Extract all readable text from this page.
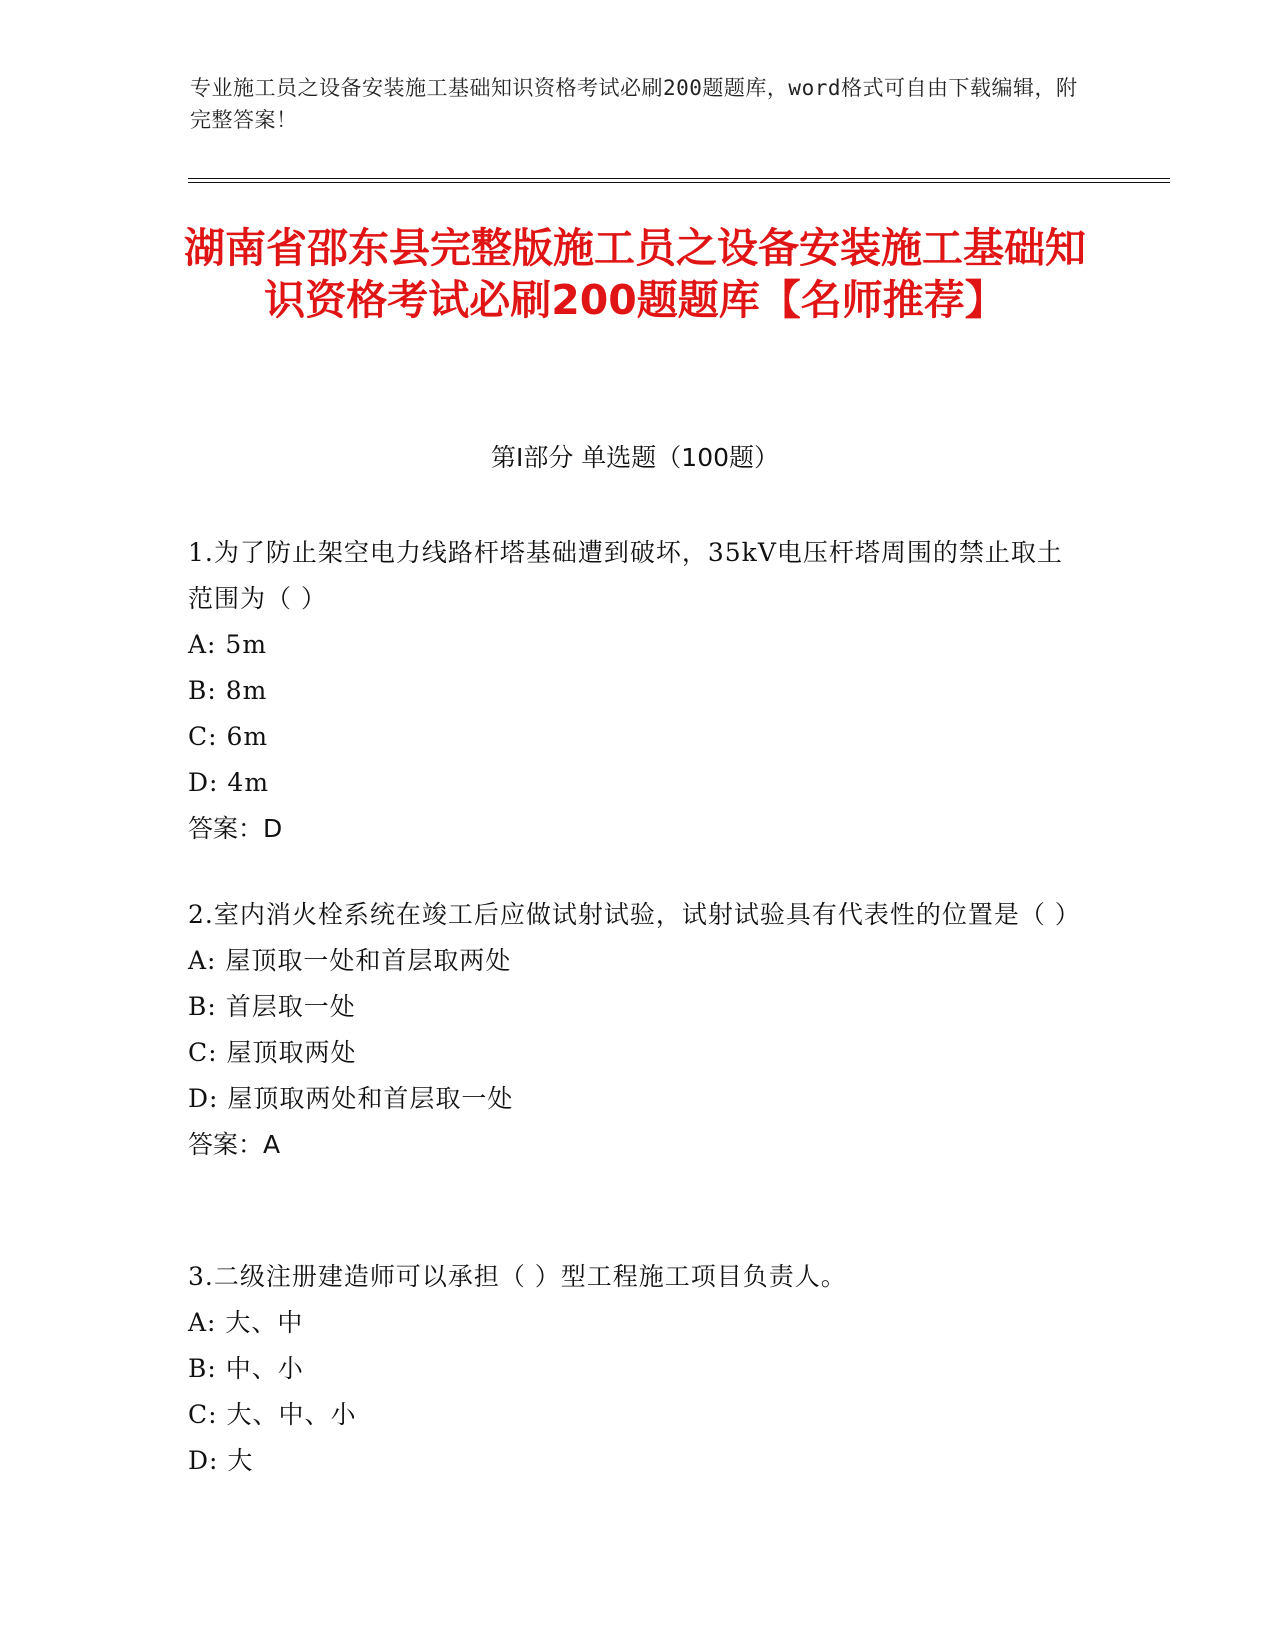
专业施工员之设备安装施工基础知识资格考试必刷200题题库，word格式可自由下载编辑，附完整答案！
湖南省邵东县完整版施工员之设备安装施工基础知识资格考试必刷200题题库【名师推荐】
第I部分 单选题（100题）
1.为了防止架空电力线路杆塔基础遭到破坏，35kV电压杆塔周围的禁止取土范围为（ ）
A: 5m
B: 8m
C: 6m
D: 4m
答案：D
2.室内消火栓系统在竣工后应做试射试验，试射试验具有代表性的位置是（ ）
A: 屋顶取一处和首层取两处
B: 首层取一处
C: 屋顶取两处
D: 屋顶取两处和首层取一处
答案：A
3.二级注册建造师可以承担（ ）型工程施工项目负责人。
A: 大、中
B: 中、小
C: 大、中、小
D: 大
